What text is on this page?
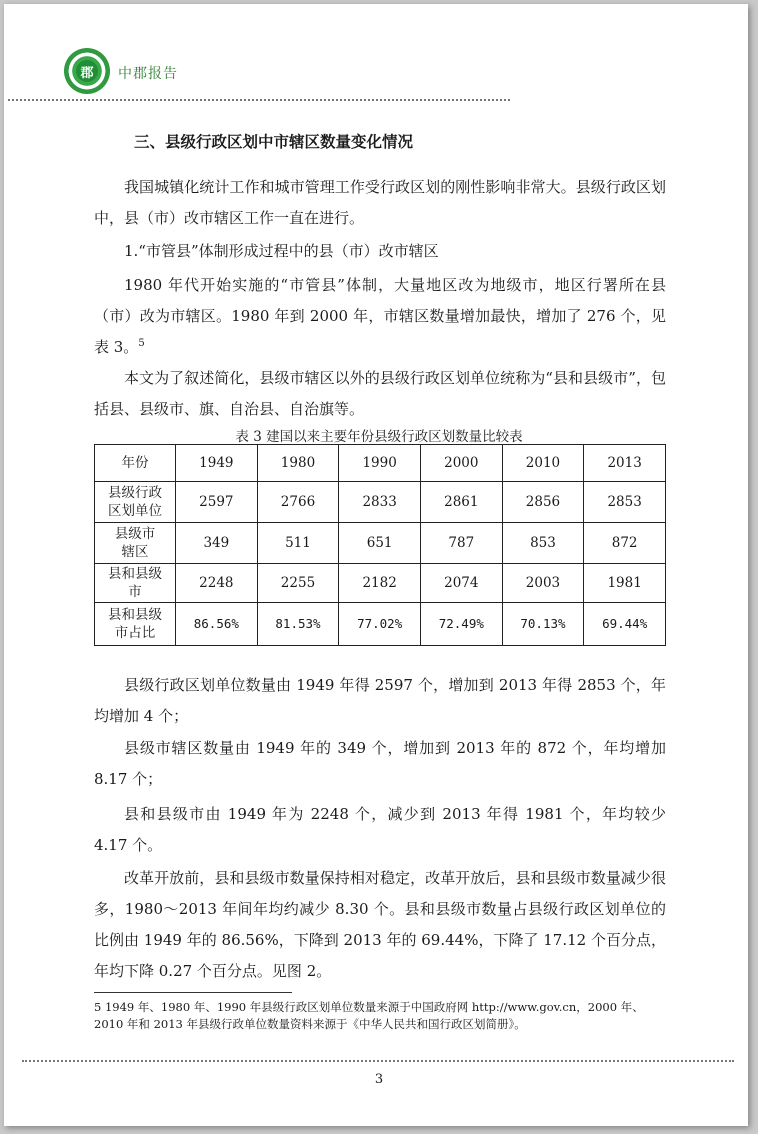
郡	中郡报告
三、县级行政区划中市辖区数量变化情况

我国城镇化统计工作和城市管理工作受行政区划的刚性影响非常大。县级行政区划中，县（市）改市辖区工作一直在进行。

1.“市管县”体制形成过程中的县（市）改市辖区

1980 年代开始实施的“市管县”体制，大量地区改为地级市，地区行署所在县（市）改为市辖区。1980 年到 2000 年，市辖区数量增加最快，增加了 276 个，见表 3。$^5$

本文为了叙述简化，县级市辖区以外的县级行政区划单位统称为“县和县级市”，包括县、县级市、旗、自治县、自治旗等。

表 3 建国以来主要年份县级行政区划数量比较表
年份	1949	1980	1990	2000	2010	2013

县级行政区划单位	2597	2766	2833	2861	2856	2853

县级市辖区	349	511	651	787	853	872

县和县级市	2248	2255	2182	2074	2003	1981

县和县级市占比	86.56%	81.53%	77.02%	72.49%	70.13%	69.44%

县级行政区划单位数量由 1949 年得 2597 个，增加到 2013 年得 2853 个，年均增加 4 个；

县级市辖区数量由 1949 年的 349 个，增加到 2013 年的 872 个，年均增加 8.17 个；

县和县级市由 1949 年为 2248 个，减少到 2013 年得 1981 个，年均较少 4.17 个。

改革开放前，县和县级市数量保持相对稳定，改革开放后，县和县级市数量减少很多，1980～2013 年间年均约减少 8.30 个。县和县级市数量占县级行政区划单位的比例由 1949 年的 86.56%，下降到 2013 年的 69.44%，下降了 17.12 个百分点，年均下降 0.27 个百分点。见图 2。

5 1949 年、1980 年、1990 年县级行政区划单位数量来源于中国政府网 http://www.gov.cn，2000 年、2010 年和 2013 年县级行政单位数量资料来源于《中华人民共和国行政区划简册》。
3
